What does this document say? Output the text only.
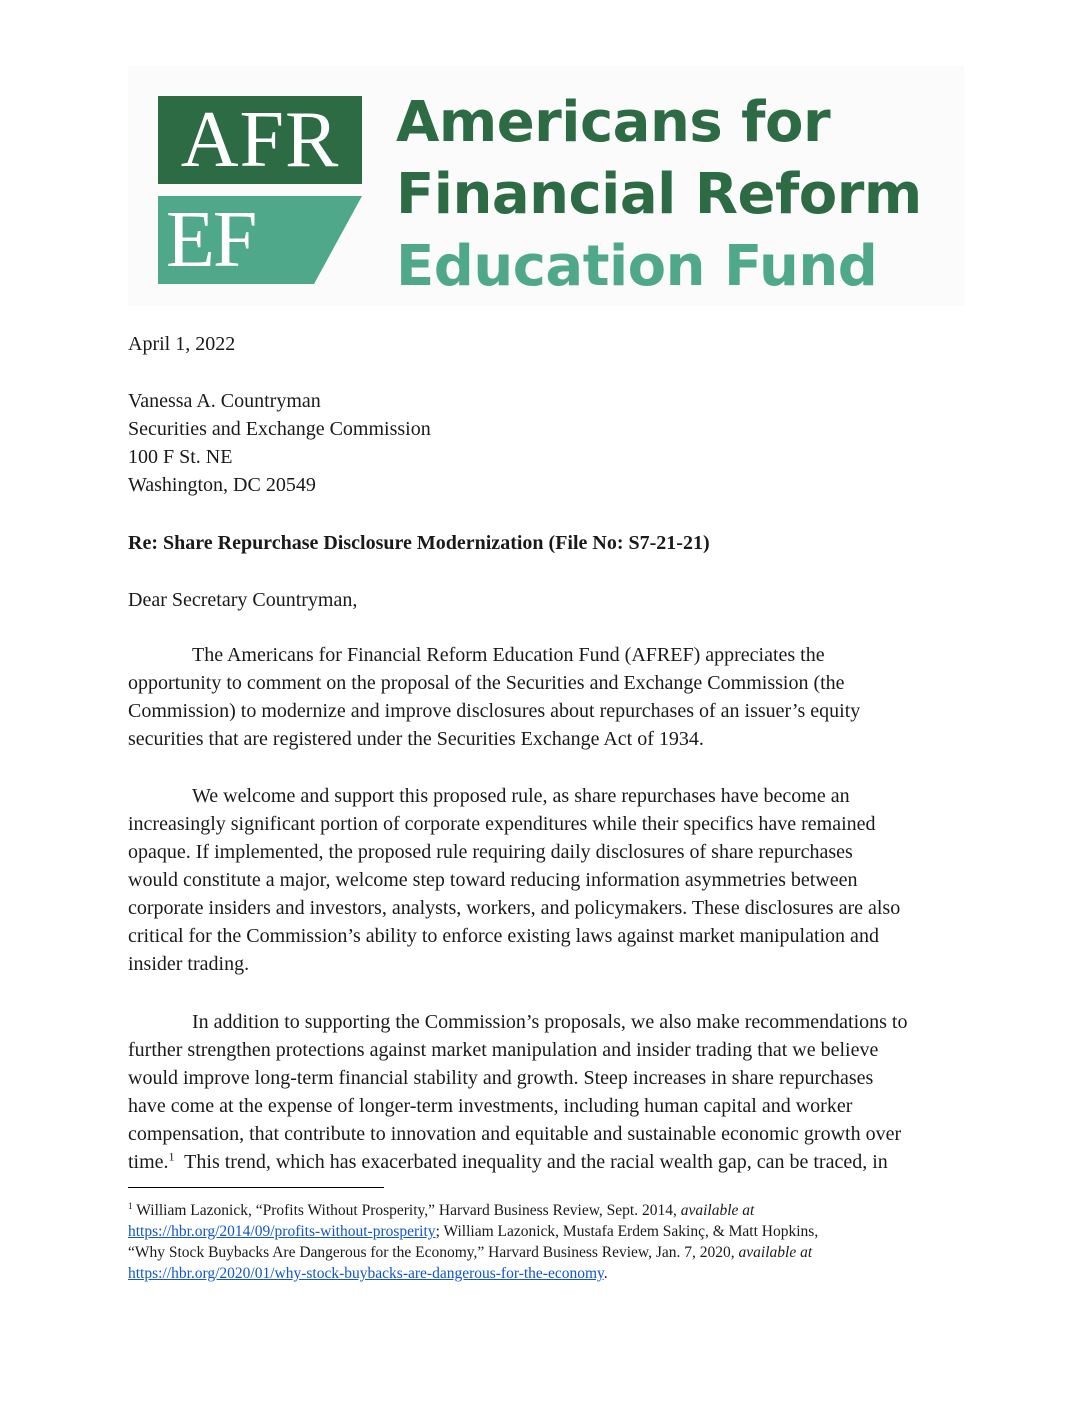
AFR
EF
Americans for
Financial Reform
Education Fund
April 1, 2022
Vanessa A. Countryman
Securities and Exchange Commission
100 F St. NE
Washington, DC 20549
Re: Share Repurchase Disclosure Modernization (File No: S7-21-21)
Dear Secretary Countryman,
The Americans for Financial Reform Education Fund (AFREF) appreciates the
opportunity to comment on the proposal of the Securities and Exchange Commission (the
Commission) to modernize and improve disclosures about repurchases of an issuer’s equity
securities that are registered under the Securities Exchange Act of 1934.
We welcome and support this proposed rule, as share repurchases have become an
increasingly significant portion of corporate expenditures while their specifics have remained
opaque. If implemented, the proposed rule requiring daily disclosures of share repurchases
would constitute a major, welcome step toward reducing information asymmetries between
corporate insiders and investors, analysts, workers, and policymakers. These disclosures are also
critical for the Commission’s ability to enforce existing laws against market manipulation and
insider trading.
In addition to supporting the Commission’s proposals, we also make recommendations to
further strengthen protections against market manipulation and insider trading that we believe
would improve long-term financial stability and growth. Steep increases in share repurchases
have come at the expense of longer-term investments, including human capital and worker
compensation, that contribute to innovation and equitable and sustainable economic growth over
time.$^1$  This trend, which has exacerbated inequality and the racial wealth gap, can be traced, in
$^1$ William Lazonick, “Profits Without Prosperity,” Harvard Business Review, Sept. 2014, available at
https://hbr.org/2014/09/profits-without-prosperity; William Lazonick, Mustafa Erdem Sakinç, & Matt Hopkins,
“Why Stock Buybacks Are Dangerous for the Economy,” Harvard Business Review, Jan. 7, 2020, available at
https://hbr.org/2020/01/why-stock-buybacks-are-dangerous-for-the-economy.
